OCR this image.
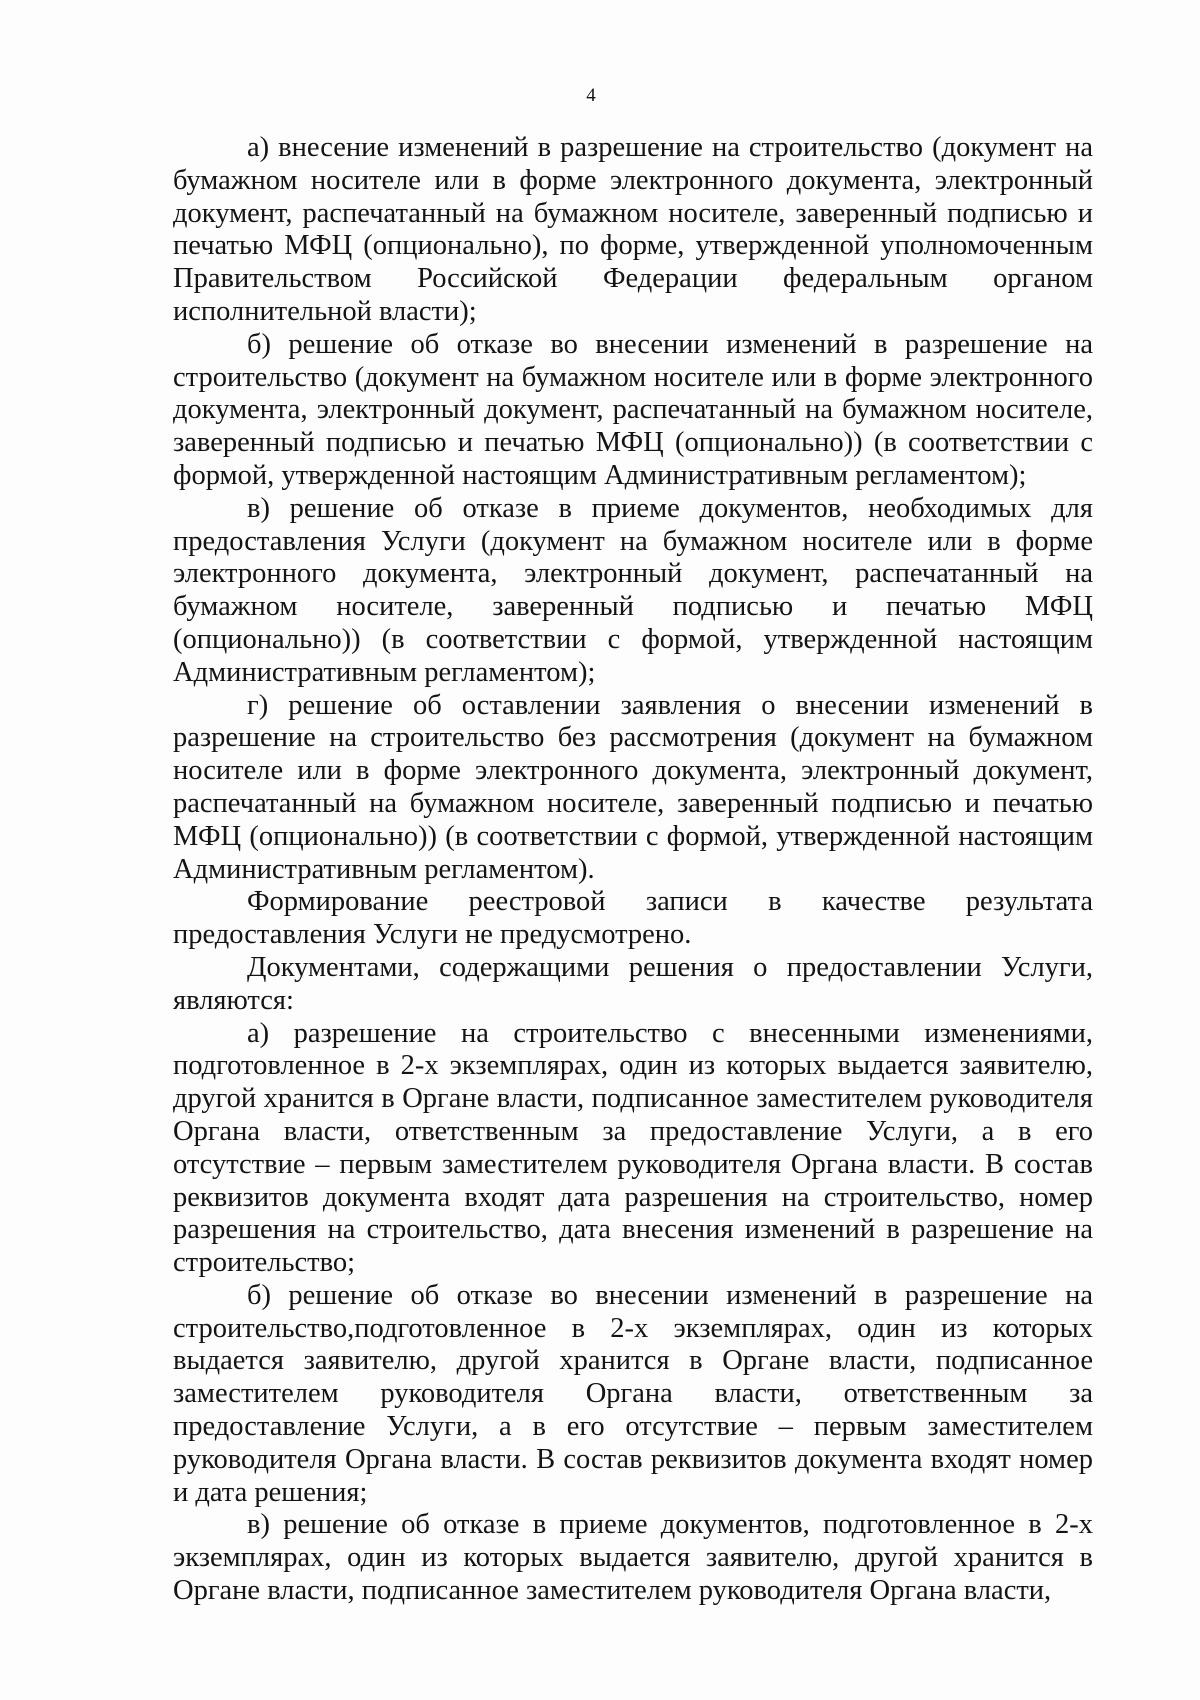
4

а) внесение изменений в разрешение на строительство (документ на бумажном носителе или в форме электронного документа, электронный документ, распечатанный на бумажном носителе, заверенный подписью и печатью МФЦ (опционально), по форме, утвержденной уполномоченным Правительством Российской Федерации федеральным органом исполнительной власти);

б) решение об отказе во внесении изменений в разрешение на строительство (документ на бумажном носителе или в форме электронного документа, электронный документ, распечатанный на бумажном носителе, заверенный подписью и печатью МФЦ (опционально)) (в соответствии с формой, утвержденной настоящим Административным регламентом);

в) решение об отказе в приеме документов, необходимых для предоставления Услуги (документ на бумажном носителе или в форме электронного документа, электронный документ, распечатанный на бумажном носителе, заверенный подписью и печатью МФЦ (опционально)) (в соответствии с формой, утвержденной настоящим Административным регламентом);

г) решение об оставлении заявления о внесении изменений в разрешение на строительство без рассмотрения (документ на бумажном носителе или в форме электронного документа, электронный документ, распечатанный на бумажном носителе, заверенный подписью и печатью МФЦ (опционально)) (в соответствии с формой, утвержденной настоящим Административным регламентом).

Формирование реестровой записи в качестве результата предоставления Услуги не предусмотрено.

Документами, содержащими решения о предоставлении Услуги, являются:

а) разрешение на строительство с внесенными изменениями, подготовленное в 2-х экземплярах, один из которых выдается заявителю, другой хранится в Органе власти, подписанное заместителем руководителя Органа власти, ответственным за предоставление Услуги, а в его отсутствие – первым заместителем руководителя Органа власти. В состав реквизитов документа входят дата разрешения на строительство, номер разрешения на строительство, дата внесения изменений в разрешение на строительство;

б) решение об отказе во внесении изменений в разрешение на строительство,подготовленное в 2-х экземплярах, один из которых выдается заявителю, другой хранится в Органе власти, подписанное заместителем руководителя Органа власти, ответственным за предоставление Услуги, а в его отсутствие – первым заместителем руководителя Органа власти. В состав реквизитов документа входят номер и дата решения;

в) решение об отказе в приеме документов, подготовленное в 2-х экземплярах, один из которых выдается заявителю, другой хранится в Органе власти, подписанное заместителем руководителя Органа власти,
